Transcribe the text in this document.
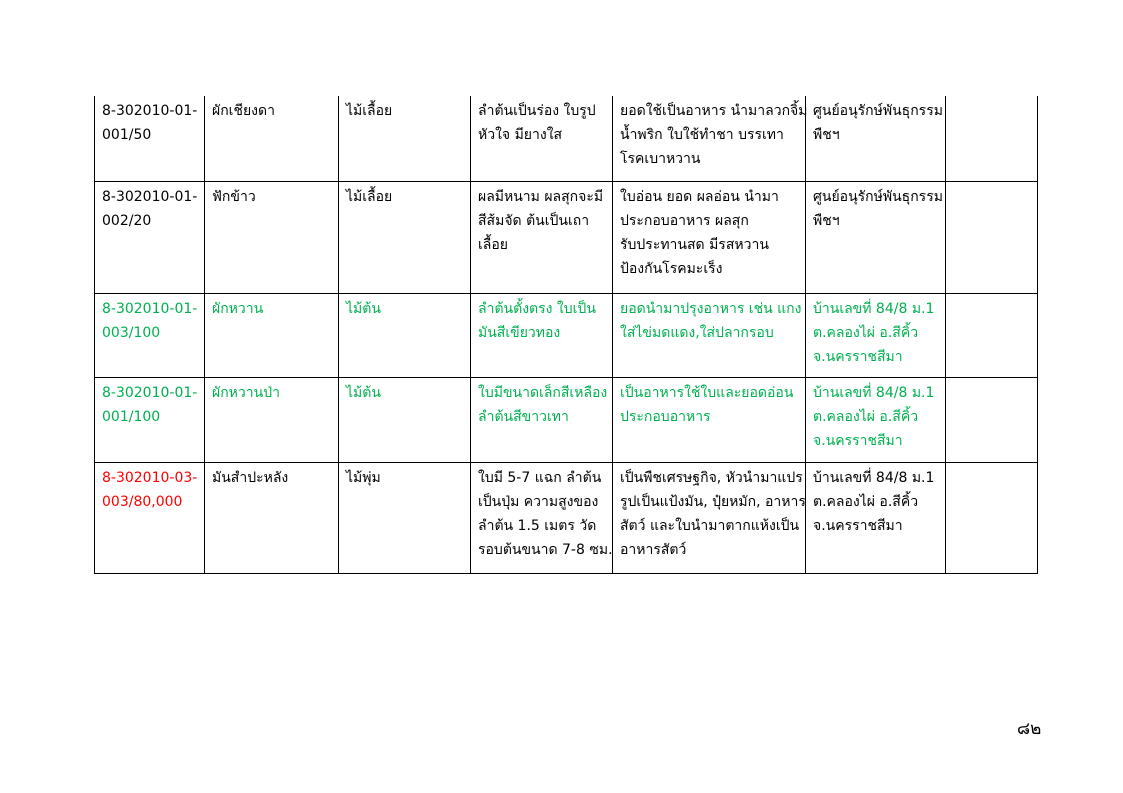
8-302010-01-
001/50	ผักเชียงดา	ไม้เลื้อย	ลำต้นเป็นร่อง ใบรูป
หัวใจ มียางใส	ยอดใช้เป็นอาหาร นำมาลวกจิ้ม
น้ำพริก ใบใช้ทำชา บรรเทา
โรคเบาหวาน	ศูนย์อนุรักษ์พันธุกรรม
พืชฯ	

8-302010-01-
002/20	ฟักข้าว	ไม้เลื้อย	ผลมีหนาม ผลสุกจะมี
สีส้มจัด ต้นเป็นเถา
เลื้อย	ใบอ่อน ยอด ผลอ่อน นำมา
ประกอบอาหาร ผลสุก
รับประทานสด มีรสหวาน
ป้องกันโรคมะเร็ง	ศูนย์อนุรักษ์พันธุกรรม
พืชฯ	

8-302010-01-
003/100	ผักหวาน	ไม้ต้น	ลำต้นตั้งตรง ใบเป็น
มันสีเขียวทอง	ยอดนำมาปรุงอาหาร เช่น แกง
ใส่ไข่มดแดง,ใส่ปลากรอบ	บ้านเลขที่ 84/8 ม.1
ต.คลองไผ่ อ.สีคิ้ว
จ.นครราชสีมา	

8-302010-01-
001/100	ผักหวานป่า	ไม้ต้น	ใบมีขนาดเล็กสีเหลือง
ลำต้นสีขาวเทา	เป็นอาหารใช้ใบและยอดอ่อน
ประกอบอาหาร	บ้านเลขที่ 84/8 ม.1
ต.คลองไผ่ อ.สีคิ้ว
จ.นครราชสีมา	

8-302010-03-
003/80,000	มันสำปะหลัง	ไม้พุ่ม	ใบมี 5-7 แฉก ลำต้น
เป็นปุ่ม ความสูงของ
ลำต้น 1.5 เมตร วัด
รอบต้นขนาด 7-8 ซม.	เป็นพืชเศรษฐกิจ, หัวนำมาแปร
รูปเป็นแป้งมัน, ปุ๋ยหมัก, อาหาร
สัตว์ และใบนำมาตากแห้งเป็น
อาหารสัตว์	บ้านเลขที่ 84/8 ม.1
ต.คลองไผ่ อ.สีคิ้ว
จ.นครราชสีมา	

๘๒
